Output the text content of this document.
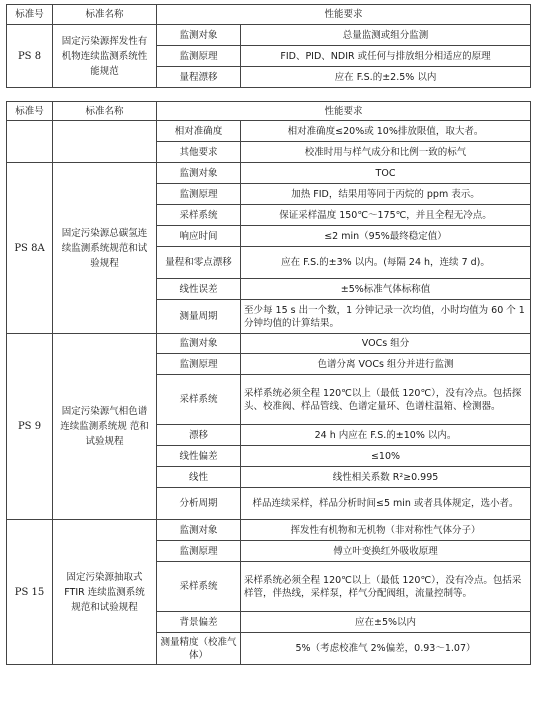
标准号	标准名称	性能要求	
PS 8	固定污染源挥发性有机物连续监测系统性能规范	监测对象	总量监测或组分监测
		监测原理	FID、PID、NDIR 或任何与排放组分相适应的原理
		量程漂移	应在 F.S.的±2.5% 以内
标准号	标准名称	性能要求	
		相对准确度	相对准确度≤20%或 10%排放限值，取大者。
		其他要求	校准时用与样气成分和比例一致的标气
PS 8A	固定污染源总碳氢连续监测系统规范和试验规程	监测对象	TOC
		监测原理	加热 FID，结果用等同于丙烷的 ppm 表示。
		采样系统	保证采样温度 150℃～175℃，并且全程无冷点。
		响应时间	≤2 min（95%最终稳定值）
		量程和零点漂移	应在 F.S.的±3% 以内。(每隔 24 h，连续 7 d)。
		线性误差	±5%标准气体标称值
		测量周期	至少每 15 s 出一个数，1 分钟记录一次均值，小时均值为 60 个 1 分钟均值的计算结果。
PS 9	固定污染源气相色谱连续监测系统规 范和试验规程	监测对象	VOCs 组分
		监测原理	色谱分离 VOCs 组分并进行监测
		采样系统	采样系统必须全程 120℃以上（最低 120℃），没有冷点。包括探头、校准阀、样品管线、色谱定量环、色谱柱温箱、检测器。
		漂移	24 h 内应在 F.S.的±10% 以内。
		线性偏差	≤10%
		线性	线性相关系数 R²≥0.995
		分析周期	样品连续采样，样品分析时间≤5 min 或者具体规定，选小者。
PS 15	固定污染源抽取式FTIR 连续监测系统 规范和试验规程	监测对象	挥发性有机物和无机物（非对称性气体分子）
		监测原理	傅立叶变换红外吸收原理
		采样系统	采样系统必须全程 120℃以上（最低 120℃），没有冷点。包括采样管，伴热线，采样泵，样气分配阀组，流量控制等。
		背景偏差	应在±5%以内
		测量精度（校准气体）	5%（考虑校准气 2%偏差，0.93～1.07）
